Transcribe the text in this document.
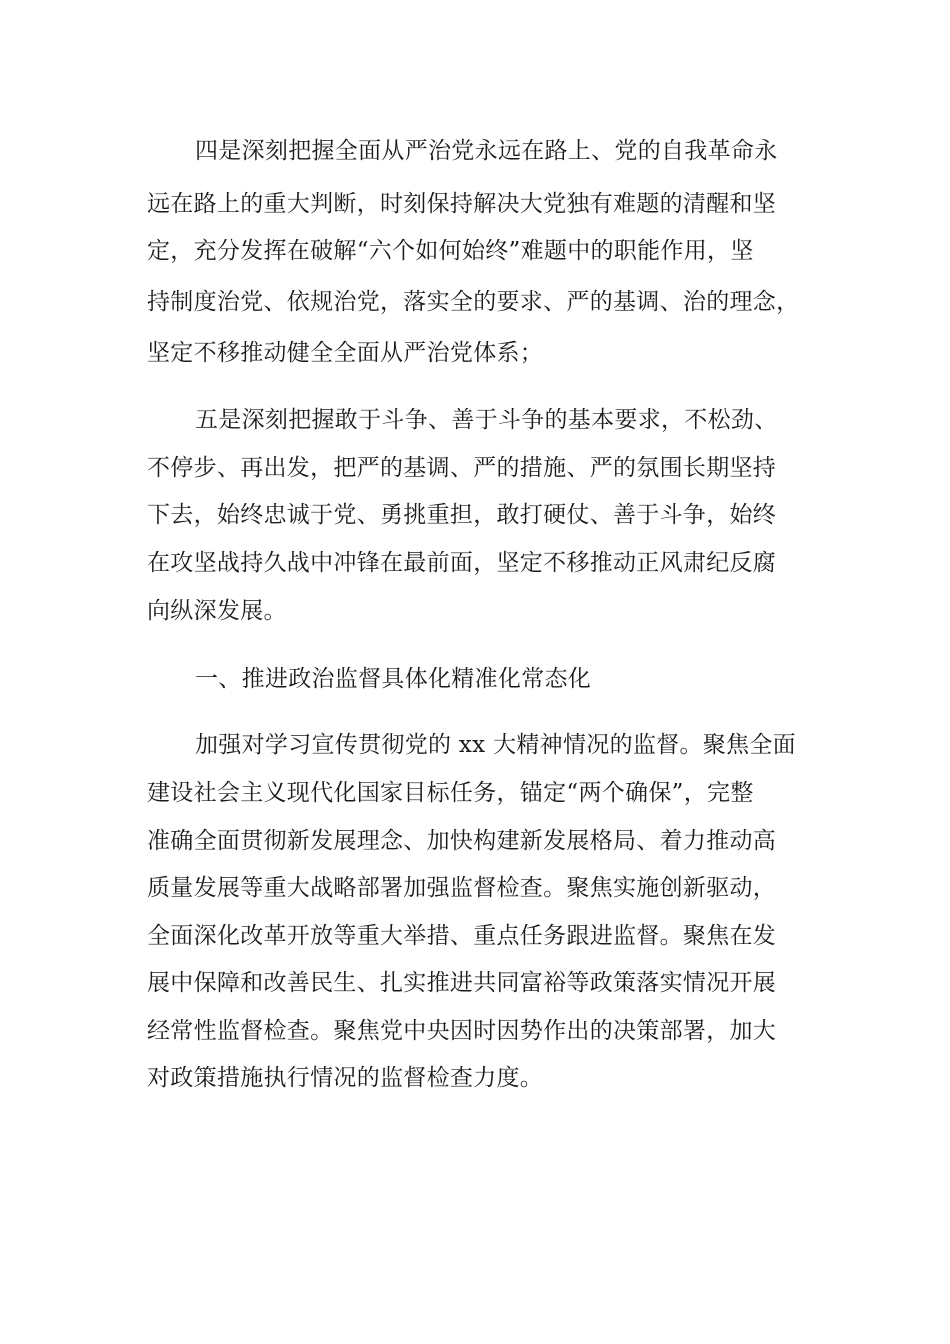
四是深刻把握全面从严治党永远在路上、党的自我革命永
远在路上的重大判断，时刻保持解决大党独有难题的清醒和坚
定，充分发挥在破解“六个如何始终”难题中的职能作用，坚
持制度治党、依规治党，落实全的要求、严的基调、治的理念，
坚定不移推动健全全面从严治党体系；
五是深刻把握敢于斗争、善于斗争的基本要求，不松劲、
不停步、再出发，把严的基调、严的措施、严的氛围长期坚持
下去，始终忠诚于党、勇挑重担，敢打硬仗、善于斗争，始终
在攻坚战持久战中冲锋在最前面，坚定不移推动正风肃纪反腐
向纵深发展。
一、推进政治监督具体化精准化常态化
加强对学习宣传贯彻党的 xx 大精神情况的监督。聚焦全面
建设社会主义现代化国家目标任务，锚定“两个确保”，完整
准确全面贯彻新发展理念、加快构建新发展格局、着力推动高
质量发展等重大战略部署加强监督检查。聚焦实施创新驱动，
全面深化改革开放等重大举措、重点任务跟进监督。聚焦在发
展中保障和改善民生、扎实推进共同富裕等政策落实情况开展
经常性监督检查。聚焦党中央因时因势作出的决策部署，加大
对政策措施执行情况的监督检查力度。
